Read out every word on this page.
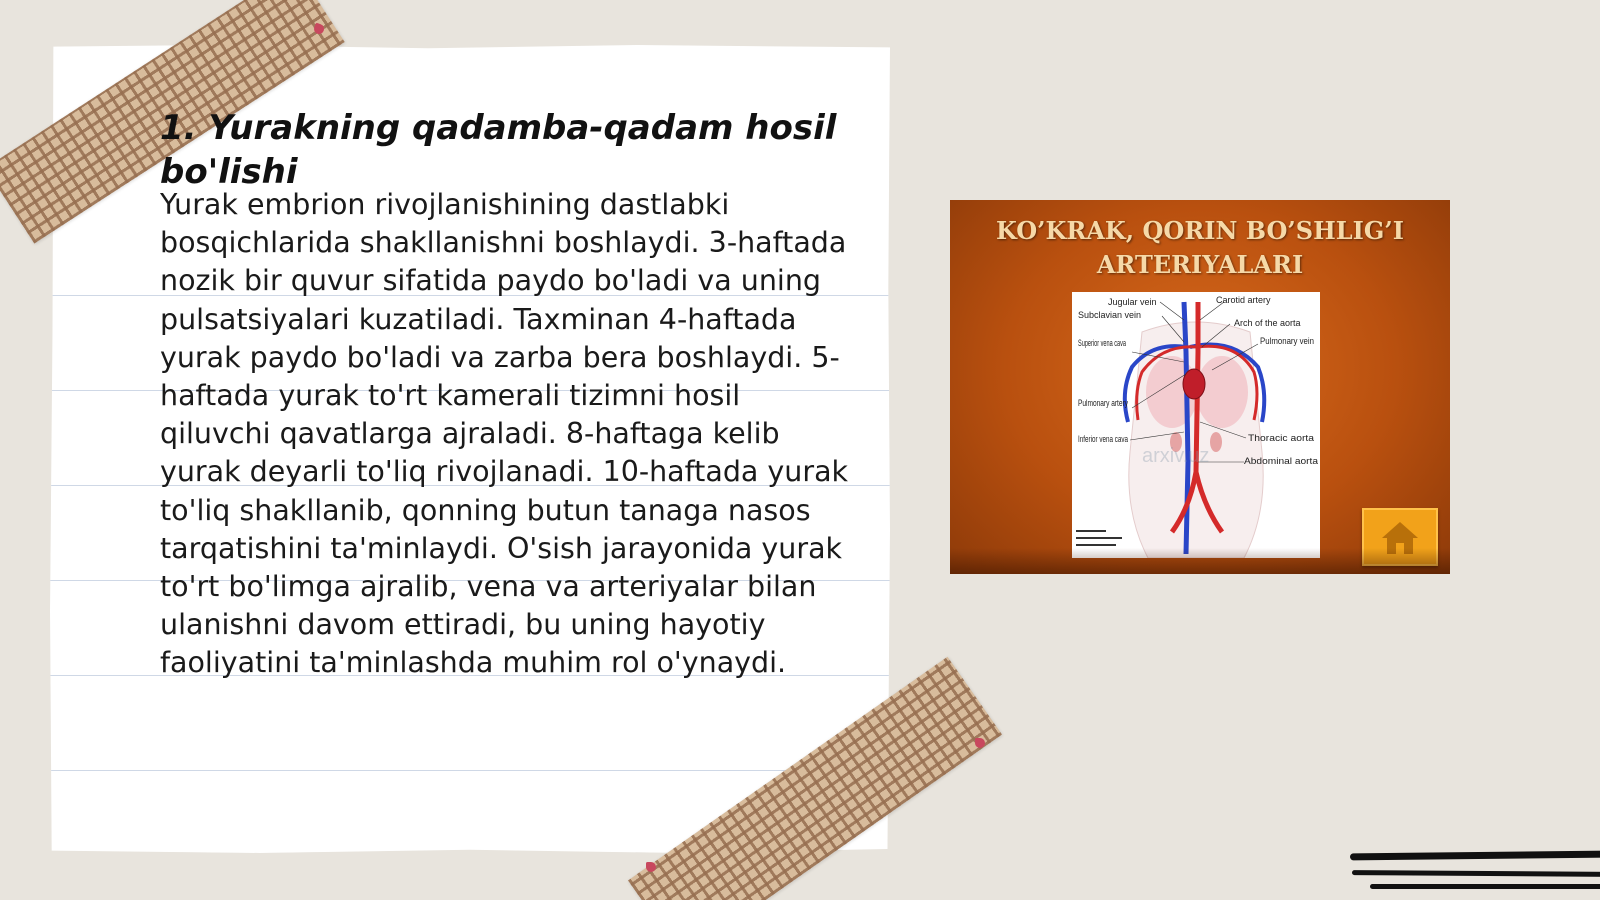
1. Yurakning qadamba-qadam hosil bo'lishi

Yurak embrion rivojlanishining dastlabki bosqichlarida shakllanishni boshlaydi. 3-haftada nozik bir quvur sifatida paydo bo'ladi va uning pulsatsiyalari kuzatiladi. Taxminan 4-haftada yurak paydo bo'ladi va zarba bera boshlaydi. 5-haftada yurak to'rt kamerali tizimni hosil qiluvchi qavatlarga ajraladi. 8-haftaga kelib yurak deyarli to'liq rivojlanadi. 10-haftada yurak to'liq shakllanib, qonning butun tanaga nasos tarqatishini ta'minlaydi. O'sish jarayonida yurak to'rt bo'limga ajralib, vena va arteriyalar bilan ulanishni davom ettiradi, bu uning hayotiy faoliyatini ta'minlashda muhim rol o'ynaydi.

KO’KRAK, QORIN BO’SHLIG’I
ARTERIYALARI
Jugular vein	Carotid artery
Subclavian vein
Arch of the aorta
Superior vena cava	Pulmonary vein
Pulmonary artery
Thoracic aorta
Inferior vena cava
Abdominal aorta
arxiv.uz
